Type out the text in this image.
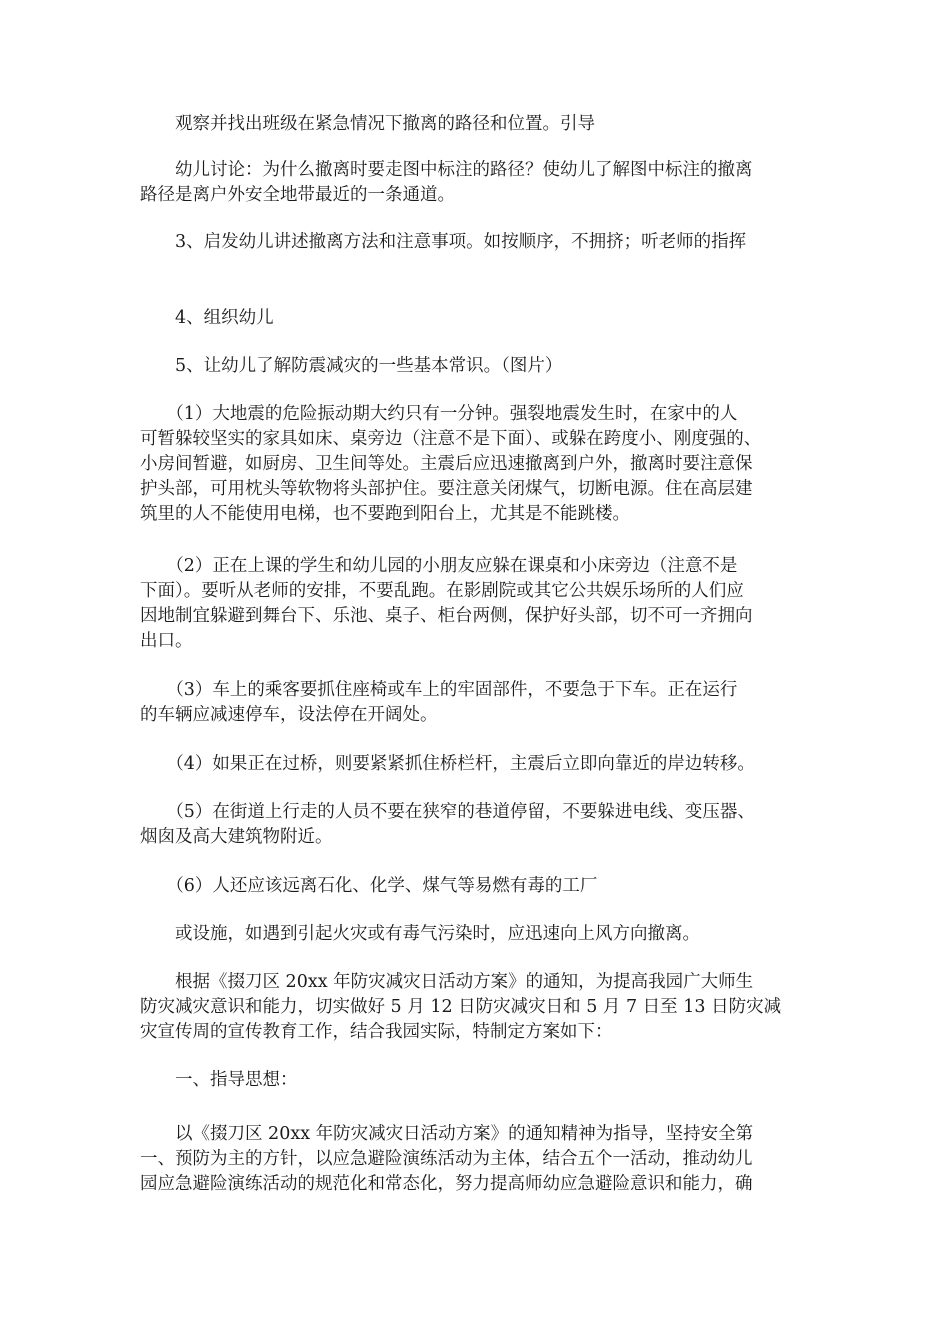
　　观察并找出班级在紧急情况下撤离的路径和位置。引导

　　幼儿讨论：为什么撤离时要走图中标注的路径？使幼儿了解图中标注的撤离
路径是离户外安全地带最近的一条通道。

　　3、启发幼儿讲述撤离方法和注意事项。如按顺序，不拥挤；听老师的指挥

　　4、组织幼儿

　　5、让幼儿了解防震减灾的一些基本常识。（图片）

　　（1）大地震的危险振动期大约只有一分钟。强裂地震发生时，在家中的人
可暂躲较坚实的家具如床、桌旁边（注意不是下面）、或躲在跨度小、刚度强的、
小房间暂避，如厨房、卫生间等处。主震后应迅速撤离到户外，撤离时要注意保
护头部，可用枕头等软物将头部护住。要注意关闭煤气，切断电源。住在高层建
筑里的人不能使用电梯，也不要跑到阳台上，尤其是不能跳楼。

　　（2）正在上课的学生和幼儿园的小朋友应躲在课桌和小床旁边（注意不是
下面）。要听从老师的安排，不要乱跑。在影剧院或其它公共娱乐场所的人们应
因地制宜躲避到舞台下、乐池、桌子、柜台两侧，保护好头部，切不可一齐拥向
出口。

　　（3）车上的乘客要抓住座椅或车上的牢固部件，不要急于下车。正在运行
的车辆应减速停车，设法停在开阔处。

　　（4）如果正在过桥，则要紧紧抓住桥栏杆，主震后立即向靠近的岸边转移。

　　（5）在街道上行走的人员不要在狭窄的巷道停留，不要躲进电线、变压器、
烟囱及高大建筑物附近。

　　（6）人还应该远离石化、化学、煤气等易燃有毒的工厂

　　或设施，如遇到引起火灾或有毒气污染时，应迅速向上风方向撤离。

　　根据《掇刀区 20xx 年防灾减灾日活动方案》的通知，为提高我园广大师生
防灾减灾意识和能力，切实做好 5 月 12 日防灾减灾日和 5 月 7 日至 13 日防灾减
灾宣传周的宣传教育工作，结合我园实际，特制定方案如下：

　　一、指导思想：

　　以《掇刀区 20xx 年防灾减灾日活动方案》的通知精神为指导，坚持安全第
一、预防为主的方针，以应急避险演练活动为主体，结合五个一活动，推动幼儿
园应急避险演练活动的规范化和常态化，努力提高师幼应急避险意识和能力，确
